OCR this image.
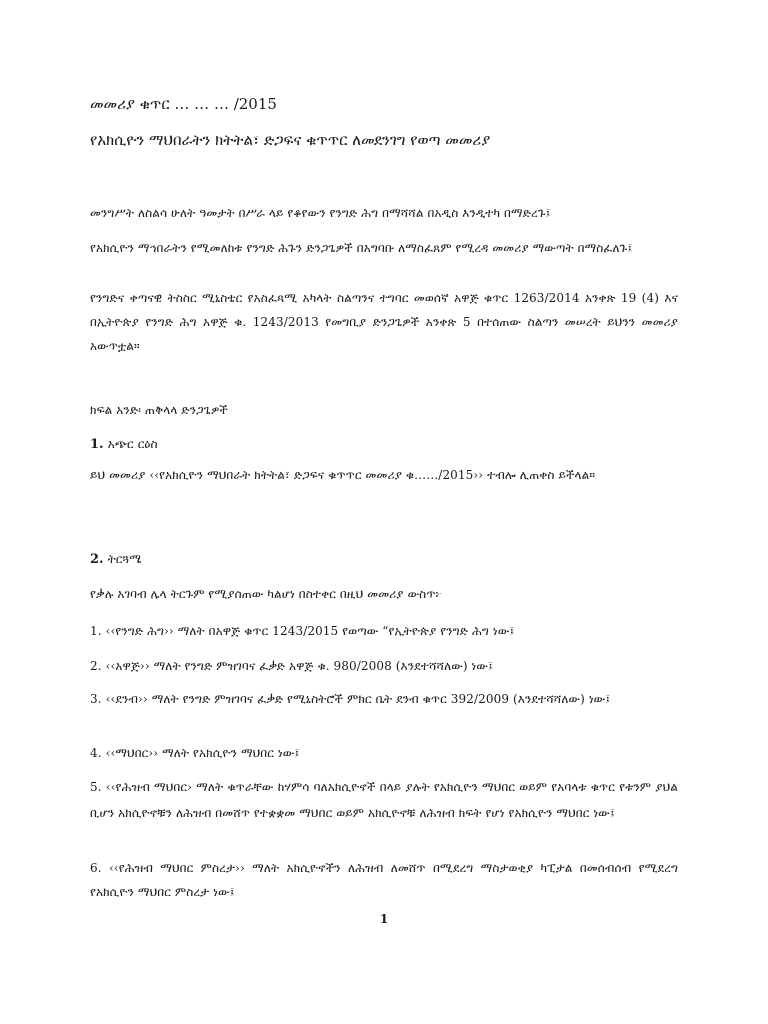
መመሪያ ቁጥር … … … /2015
የአክሲዮን ማህበራትን ክትትል፣ ድጋፍና ቁጥጥር ለመደንገግ የወጣ መመሪያ
መንግሥት ለስልሳ ሁለት ዓመታት በሥራ ላይ የቆየውን የንግድ ሕግ በማሻሻል በአዲስ እንዲተካ በማድረጉ፤
የአክሲዮን ማኅበራትን የሚመለከቱ የንግድ ሕጉን ድንጋጌዎች በአግባቡ ለማስፈጸም የሚረዳ መመሪያ ማውጣት በማስፈለጉ፤
የንግድና ቀጣናዊ ትስስር ሚኒስቴር የአስፈጻሚ አካላት ስልጣንና ተግባር መወሰኛ አዋጅ ቁጥር 1263/2014 አንቀጽ 19 (4) እና በኢትዮጵያ የንግድ ሕግ አዋጅ ቁ. 1243/2013 የመግቢያ ድንጋጌዎች አንቀጽ 5 በተሰጠው ስልጣን መሠረት ይህንን መመሪያ አውጥቷል።
ክፍል አንድ፡ ጠቅላላ ድንጋጌዎች
1. አጭር ርዕስ
ይህ መመሪያ ‹‹የአክሲዮን ማህበራት ክትትል፣ ድጋፍና ቁጥጥር መመሪያ ቁ……/2015›› ተብሎ ሊጠቀስ ይችላል።
2. ትርጓሜ
የቃሉ አገባብ ሌላ ትርጉም የሚያሰጠው ካልሆነ በስተቀር በዚህ መመሪያ ውስጥ፦
1. ‹‹የንግድ ሕግ›› ማለት በአዋጅ ቁጥር 1243/2015 የወጣው “የኢትዮጵያ የንግድ ሕግ ነው፤
2. ‹‹አዋጅ›› ማለት የንግድ ምዝገባና ፈቃድ አዋጅ ቁ. 980/2008 (እንደተሻሻለው) ነው፤
3. ‹‹ደንብ›› ማለት የንግድ ምዝገባና ፈቃድ የሚኒስትሮች ምክር ቤት ደንብ ቁጥር 392/2009 (እንደተሻሻለው) ነው፤
4. ‹‹ማህበር›› ማለት የአክሲዮን ማህበር ነው፤
5. ‹‹የሕዝብ ማህበር› ማለት ቁጥራቸው ከሃምሳ ባለአክሲዮኖች በላይ ያሉት የአክሲዮን ማህበር ወይም የአባላቱ ቁጥር የቱንም ያህል ቢሆን አክሲዮኖቹን ለሕዝብ በመሸጥ የተቋቋመ ማህበር ወይም አክሲዮኖቹ ለሕዝብ ክፍት የሆነ የአክሲዮን ማህበር ነው፤
6. ‹‹የሕዝብ ማህበር ምስረታ›› ማለት አክሲዮኖችን ለሕዝብ ለመሸጥ በሚደረግ ማስታወቂያ ካፒታል በመሰብሰብ የሚደረግ የአክሲዮን ማህበር ምስረታ ነው፤
1
